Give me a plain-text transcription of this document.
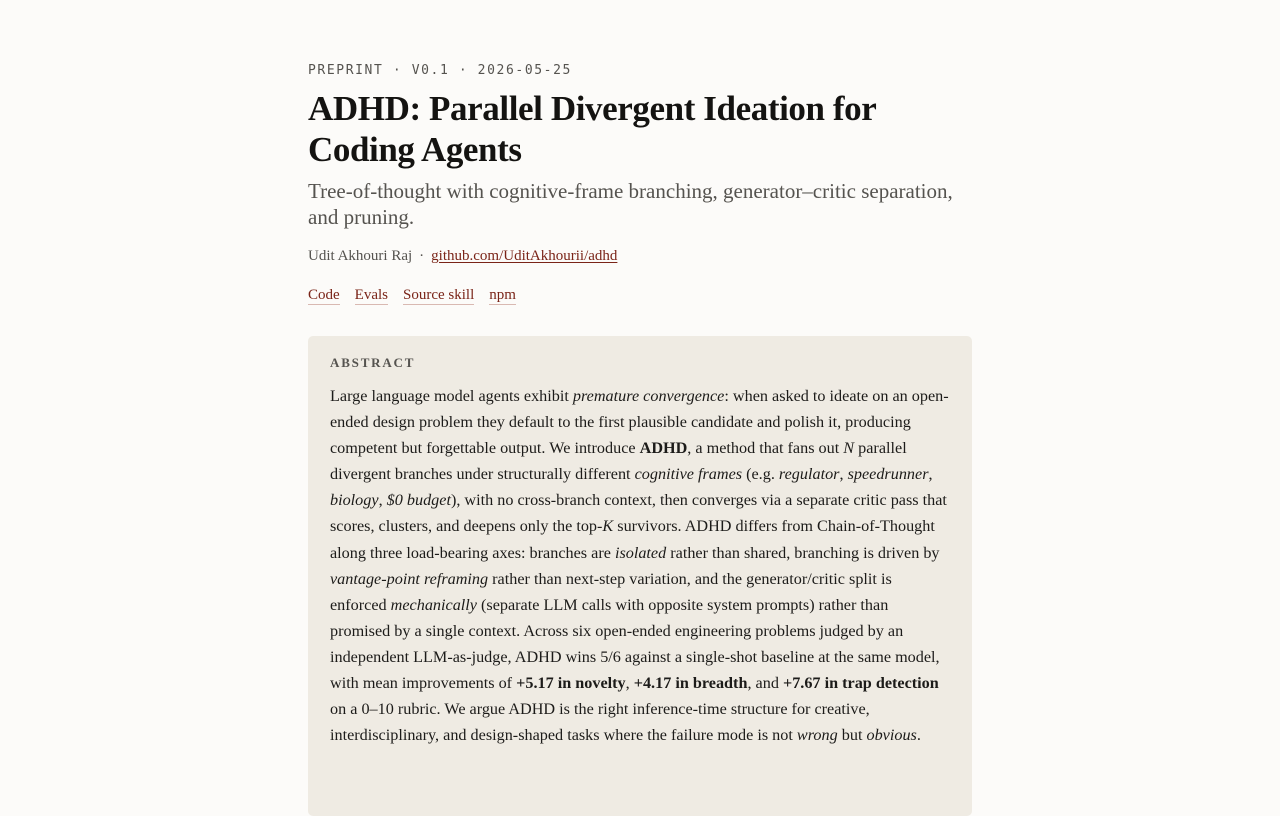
PREPRINT · V0.1 · 2026-05-25
ADHD: Parallel Divergent Ideation for Coding Agents

Tree-of-thought with cognitive-frame branching, generator–critic separation, and pruning.

Udit Akhouri Raj · github.com/UditAkhourii/adhd
Code Evals Source skill npm
ABSTRACT

Large language model agents exhibit premature convergence: when asked to ideate on an open-ended design problem they default to the first plausible candidate and polish it, producing competent but forgettable output. We introduce ADHD, a method that fans out N parallel divergent branches under structurally different cognitive frames (e.g. regulator, speedrunner, biology, $0 budget), with no cross-branch context, then converges via a separate critic pass that scores, clusters, and deepens only the top-K survivors. ADHD differs from Chain-of-Thought along three load-bearing axes: branches are isolated rather than shared, branching is driven by vantage-point reframing rather than next-step variation, and the generator/critic split is enforced mechanically (separate LLM calls with opposite system prompts) rather than promised by a single context. Across six open-ended engineering problems judged by an independent LLM-as-judge, ADHD wins 5/6 against a single-shot baseline at the same model, with mean improvements of +5.17 in novelty, +4.17 in breadth, and +7.67 in trap detection on a 0–10 rubric. We argue ADHD is the right inference-time structure for creative, interdisciplinary, and design-shaped tasks where the failure mode is not wrong but obvious.
